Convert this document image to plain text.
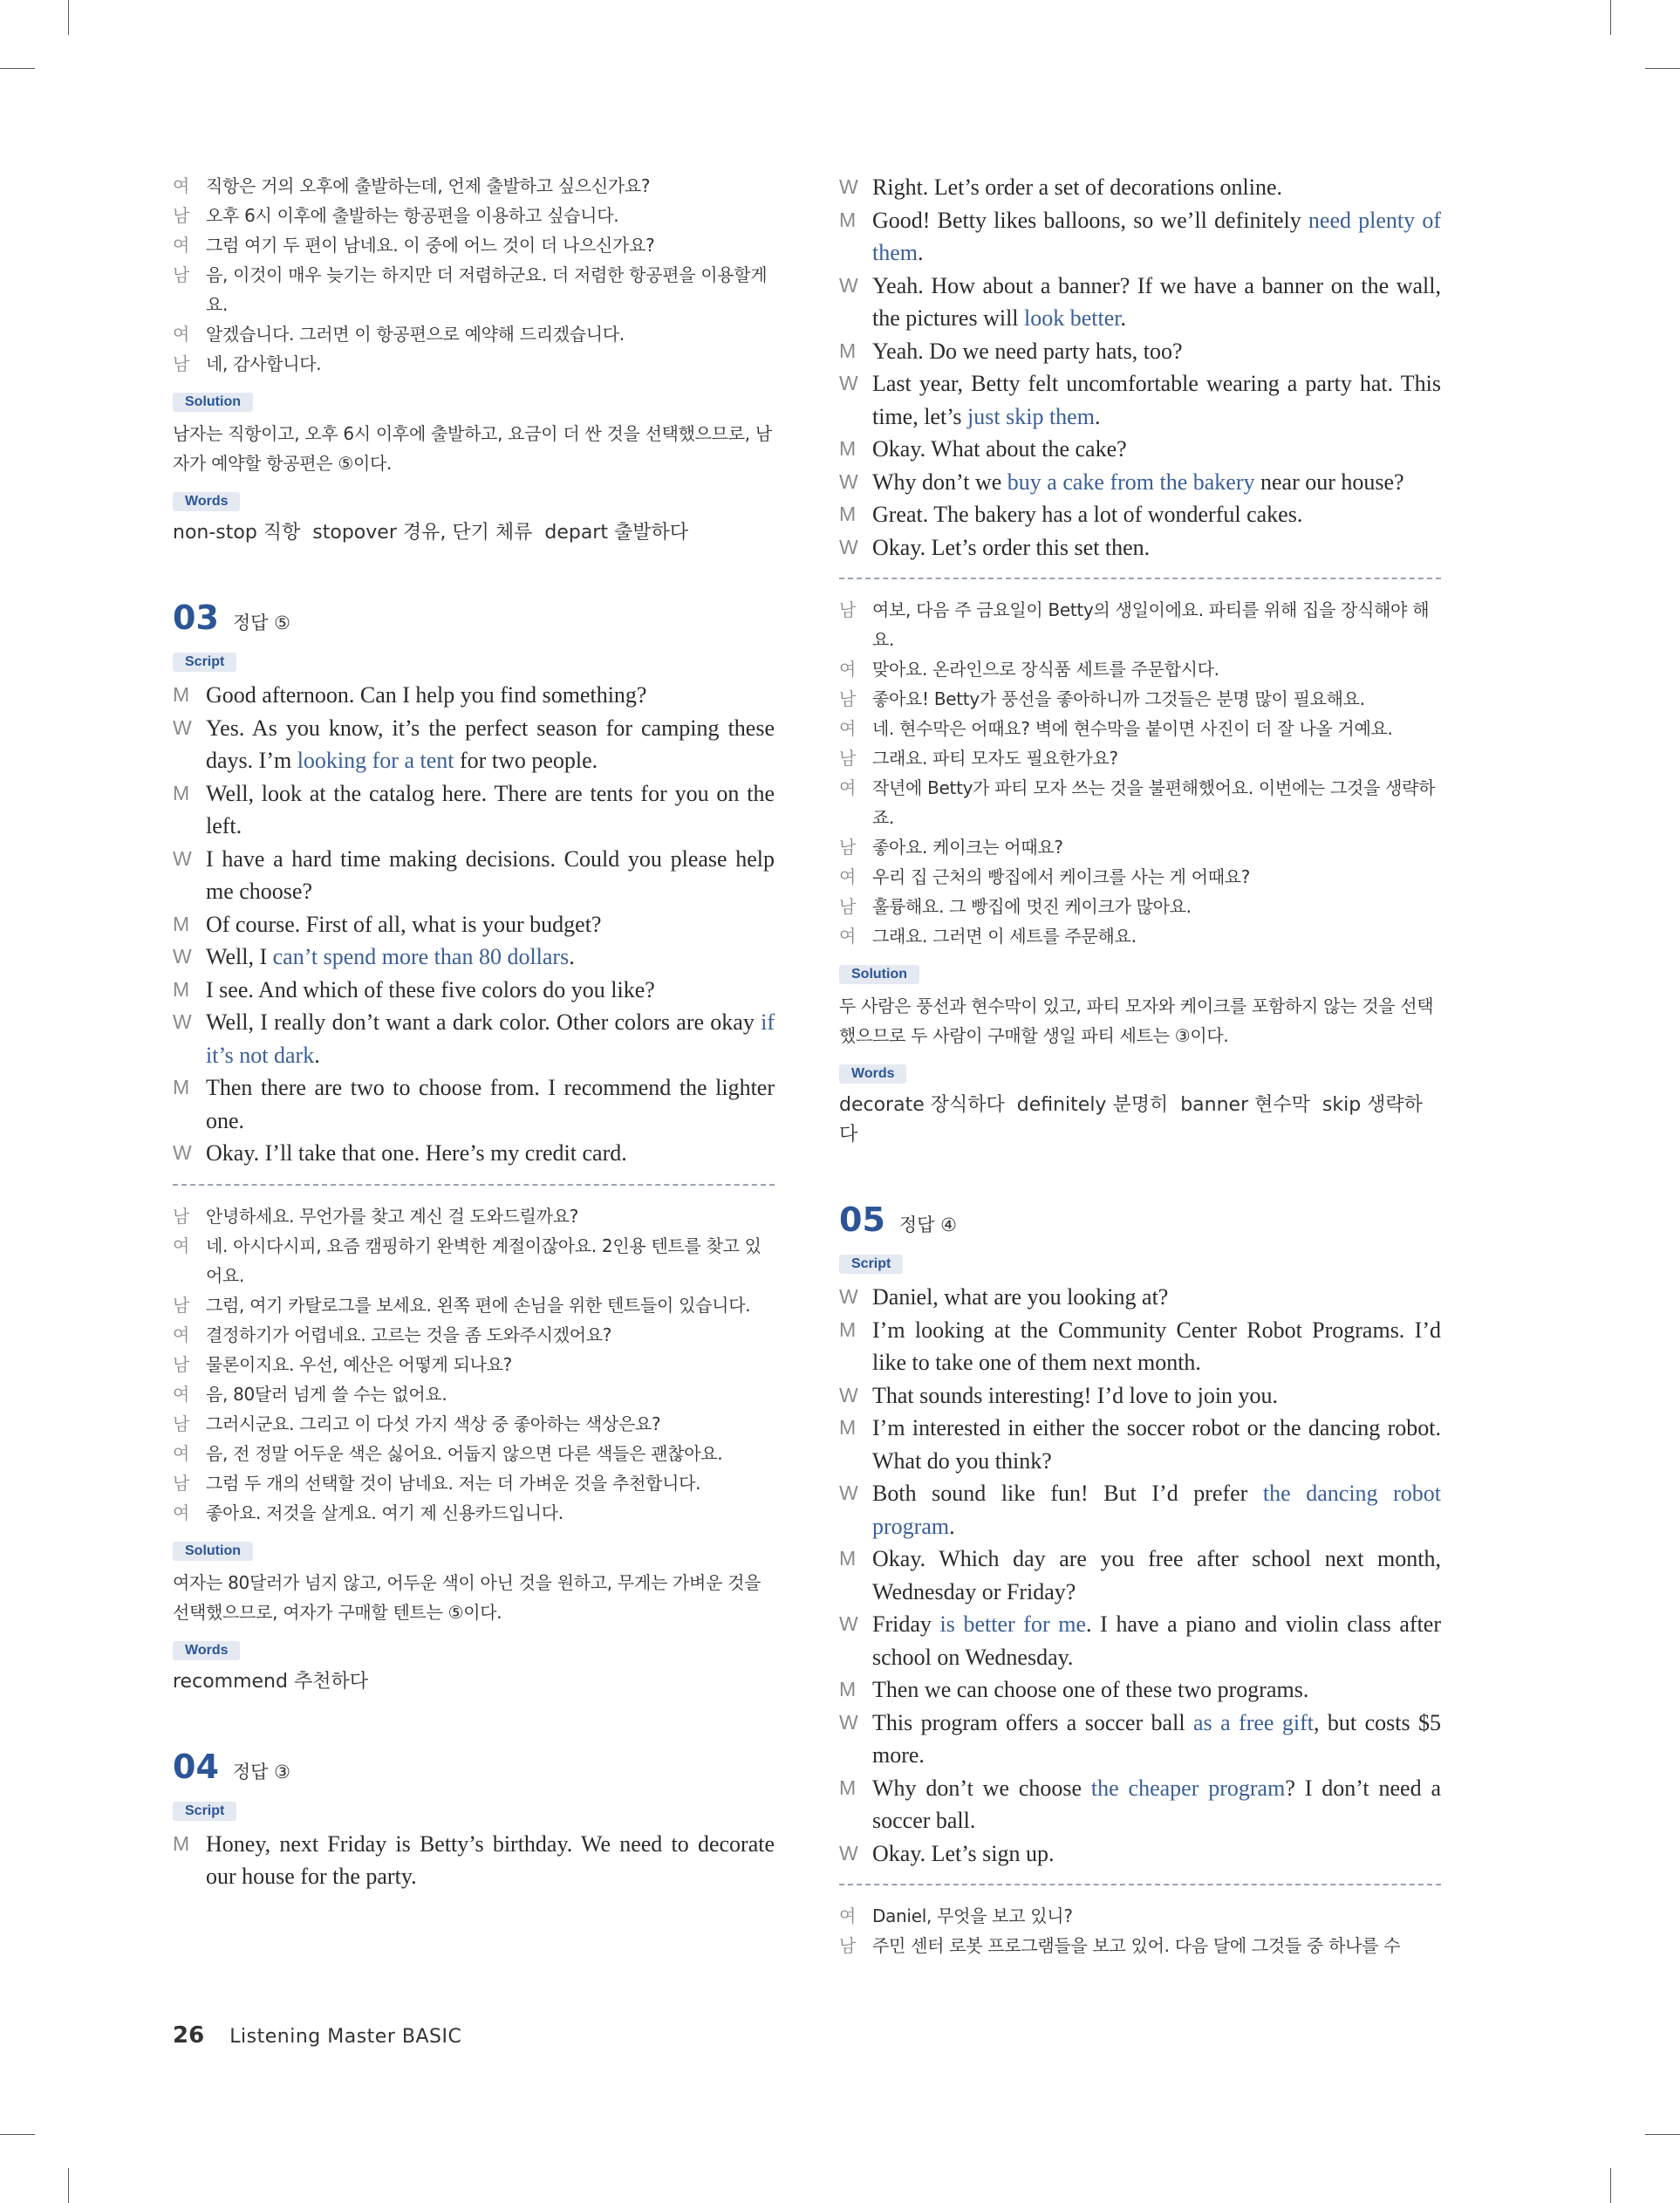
여 직항은 거의 오후에 출발하는데, 언제 출발하고 싶으신가요?
남 오후 6시 이후에 출발하는 항공편을 이용하고 싶습니다.
여 그럼 여기 두 편이 남네요. 이 중에 어느 것이 더 나으신가요?
남 음, 이것이 매우 늦기는 하지만 더 저렴하군요. 더 저렴한 항공편을 이용할게요.
여 알겠습니다. 그러면 이 항공편으로 예약해 드리겠습니다.
남 네, 감사합니다.
Solution
남자는 직항이고, 오후 6시 이후에 출발하고, 요금이 더 싼 것을 선택했으므로, 남자가 예약할 항공편은 ⑤이다.
Words
non-stop 직항 stopover 경유, 단기 체류 depart 출발하다
03 정답 ⑤
Script
M Good afternoon. Can I help you find something?
W Yes. As you know, it’s the perfect season for camping these days. I’m looking for a tent for two people.
M Well, look at the catalog here. There are tents for you on the left.
W I have a hard time making decisions. Could you please help me choose?
M Of course. First of all, what is your budget?
W Well, I can’t spend more than 80 dollars.
M I see. And which of these five colors do you like?
W Well, I really don’t want a dark color. Other colors are okay if it’s not dark.
M Then there are two to choose from. I recommend the lighter one.
W Okay. I’ll take that one. Here’s my credit card.
남 안녕하세요. 무언가를 찾고 계신 걸 도와드릴까요?
여 네. 아시다시피, 요즘 캠핑하기 완벽한 계절이잖아요. 2인용 텐트를 찾고 있어요.
남 그럼, 여기 카탈로그를 보세요. 왼쪽 편에 손님을 위한 텐트들이 있습니다.
여 결정하기가 어렵네요. 고르는 것을 좀 도와주시겠어요?
남 물론이지요. 우선, 예산은 어떻게 되나요?
여 음, 80달러 넘게 쓸 수는 없어요.
남 그러시군요. 그리고 이 다섯 가지 색상 중 좋아하는 색상은요?
여 음, 전 정말 어두운 색은 싫어요. 어둡지 않으면 다른 색들은 괜찮아요.
남 그럼 두 개의 선택할 것이 남네요. 저는 더 가벼운 것을 추천합니다.
여 좋아요. 저것을 살게요. 여기 제 신용카드입니다.
Solution
여자는 80달러가 넘지 않고, 어두운 색이 아닌 것을 원하고, 무게는 가벼운 것을 선택했으므로, 여자가 구매할 텐트는 ⑤이다.
Words
recommend 추천하다
04 정답 ③
Script
M Honey, next Friday is Betty’s birthday. We need to decorate our house for the party.
W Right. Let’s order a set of decorations online.
M Good! Betty likes balloons, so we’ll definitely need plenty of them.
W Yeah. How about a banner? If we have a banner on the wall, the pictures will look better.
M Yeah. Do we need party hats, too?
W Last year, Betty felt uncomfortable wearing a party hat. This time, let’s just skip them.
M Okay. What about the cake?
W Why don’t we buy a cake from the bakery near our house?
M Great. The bakery has a lot of wonderful cakes.
W Okay. Let’s order this set then.
남 여보, 다음 주 금요일이 Betty의 생일이에요. 파티를 위해 집을 장식해야 해요.
여 맞아요. 온라인으로 장식품 세트를 주문합시다.
남 좋아요! Betty가 풍선을 좋아하니까 그것들은 분명 많이 필요해요.
여 네. 현수막은 어때요? 벽에 현수막을 붙이면 사진이 더 잘 나올 거예요.
남 그래요. 파티 모자도 필요한가요?
여 작년에 Betty가 파티 모자 쓰는 것을 불편해했어요. 이번에는 그것을 생략하죠.
남 좋아요. 케이크는 어때요?
여 우리 집 근처의 빵집에서 케이크를 사는 게 어때요?
남 훌륭해요. 그 빵집에 멋진 케이크가 많아요.
여 그래요. 그러면 이 세트를 주문해요.
Solution
두 사람은 풍선과 현수막이 있고, 파티 모자와 케이크를 포함하지 않는 것을 선택했으므로 두 사람이 구매할 생일 파티 세트는 ③이다.
Words
decorate 장식하다 definitely 분명히 banner 현수막 skip 생략하다
05 정답 ④
Script
W Daniel, what are you looking at?
M I’m looking at the Community Center Robot Programs. I’d like to take one of them next month.
W That sounds interesting! I’d love to join you.
M I’m interested in either the soccer robot or the dancing robot. What do you think?
W Both sound like fun! But I’d prefer the dancing robot program.
M Okay. Which day are you free after school next month, Wednesday or Friday?
W Friday is better for me. I have a piano and violin class after school on Wednesday.
M Then we can choose one of these two programs.
W This program offers a soccer ball as a free gift, but costs $5 more.
M Why don’t we choose the cheaper program? I don’t need a soccer ball.
W Okay. Let’s sign up.
여 Daniel, 무엇을 보고 있니?
남 주민 센터 로봇 프로그램들을 보고 있어. 다음 달에 그것들 중 하나를 수
26 Listening Master BASIC
